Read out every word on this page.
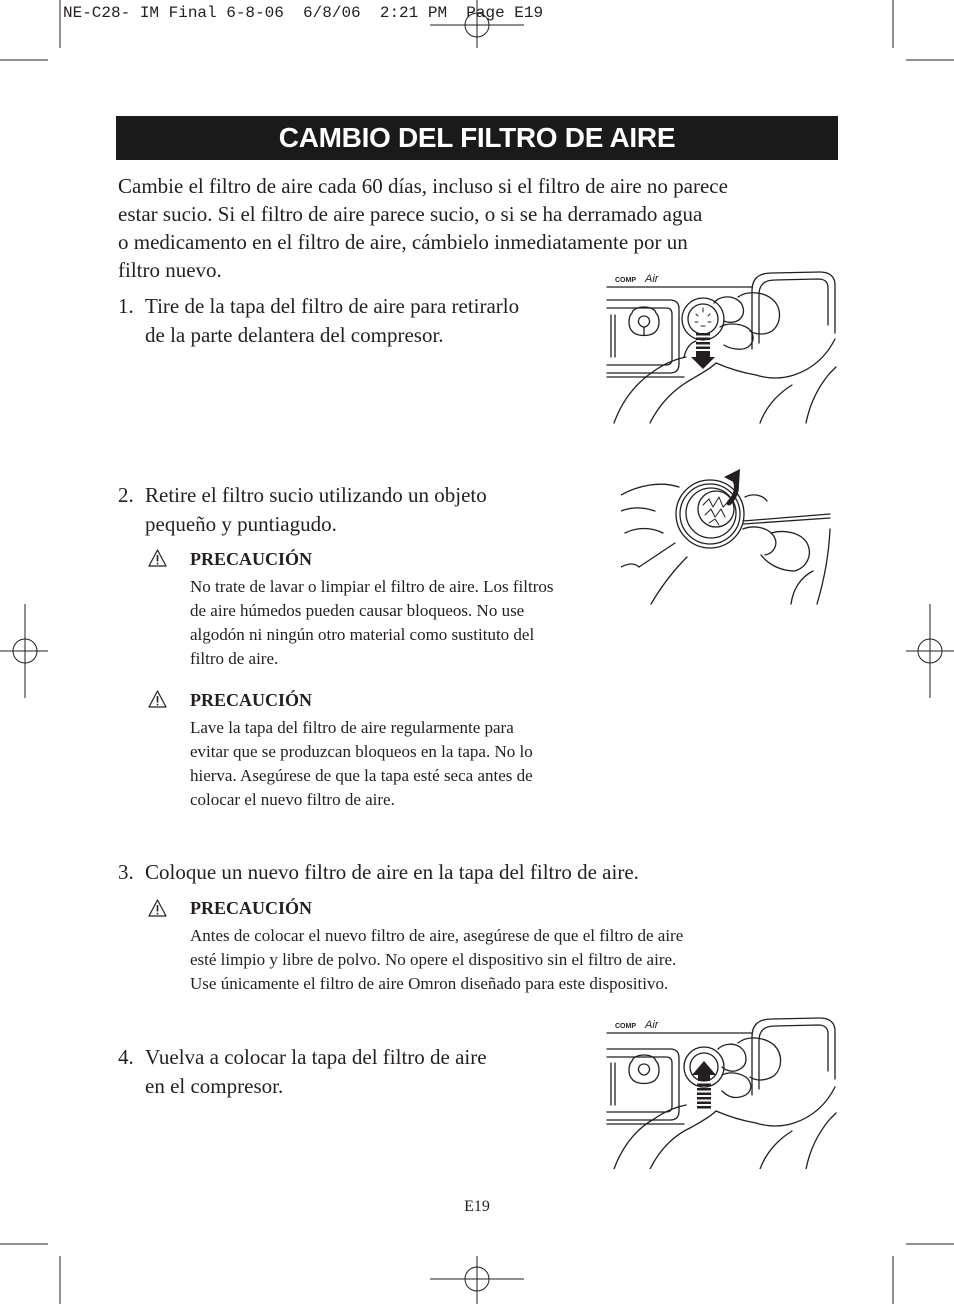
NE-C28- IM Final 6-8-06  6/8/06  2:21 PM  Page E19
CAMBIO DEL FILTRO DE AIRE
Cambie el filtro de aire cada 60 días, incluso si el filtro de aire no parece
estar sucio. Si el filtro de aire parece sucio, o si se ha derramado agua
o medicamento en el filtro de aire, cámbielo inmediatamente por un
filtro nuevo.
1. Tire de la tapa del filtro de aire para retirarlo
de la parte delantera del compresor.
COMP Air
2. Retire el filtro sucio utilizando un objeto
pequeño y puntiagudo.
PRECAUCIÓN
No trate de lavar o limpiar el filtro de aire. Los filtros
de aire húmedos pueden causar bloqueos. No use
algodón ni ningún otro material como sustituto del
filtro de aire.
PRECAUCIÓN
Lave la tapa del filtro de aire regularmente para
evitar que se produzcan bloqueos en la tapa. No lo
hierva. Asegúrese de que la tapa esté seca antes de
colocar el nuevo filtro de aire.
3. Coloque un nuevo filtro de aire en la tapa del filtro de aire.
PRECAUCIÓN
Antes de colocar el nuevo filtro de aire, asegúrese de que el filtro de aire
esté limpio y libre de polvo. No opere el dispositivo sin el filtro de aire.
Use únicamente el filtro de aire Omron diseñado para este dispositivo.
4. Vuelva a colocar la tapa del filtro de aire
en el compresor.
COMP Air
E19
